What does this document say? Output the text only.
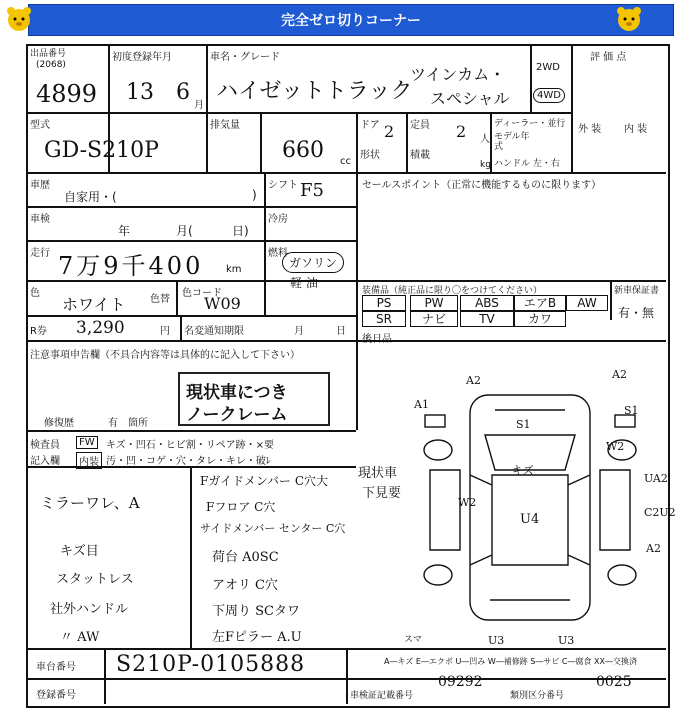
完全ゼロ切りコーナー
出品番号
(2068)
4899
初度登録年月
13 6
月
車名・グレード
ハイゼットトラック
ツインカム・
スペシャル
2WD
4WD
評 価 点
型式
GD-S210P
排気量
660 cc
ドア 2 定員 2 人
形状	積載
kg
ディーラー・並行
モデル年式
ハンドル 左・右
外 装 内 装
車歴
自家用・(	)
シフト F5
車検
年	月(	日)
冷房
走行 7万9千400 km
燃料
ガソリン
軽 油
色
ホワイト 色替
色コード
W09
R券 3,290	円 名変通知期限	月	日
セールスポイント（正常に機能するものに限ります）
装備品（純正品に限り〇をつけてください）	新車保証書
PS	PW	ABS	エアB	AW
SR	ナビ	TV	カワ	有・無
後日品
注意事項申告欄（不具合内容等は具体的に記入して下さい）
現状車につき
ノークレーム
修復歴	有 箇所
検査員	FW	キズ・凹石・ヒビ割・リペア跡・×要
記入欄	内装 汚・凹・コゲ・穴・タレ・キレ・破ﾚ
ミラーワレ、A
キズ目
スタットレス
社外ハンドル
〃 AW
Fガイドメンバー C穴大
Fフロア C穴
サイドメンバー センター C穴
荷台 A0SC
アオリ C穴
下周り SCタワ
左Fピラー A.U
現状車
下見要
A2
A1
W2
S1
キズ
W2
U4
UA2
C2U2
A2
U3	U3
S1
A2
スマ
A―キズ E―エクボ U―凹み W―補修跡 S―サビ C―腐食 XX―交換済
車台番号 S210P-0105888
登録番号	車検証記載番号
09292
類別区分番号
0025
